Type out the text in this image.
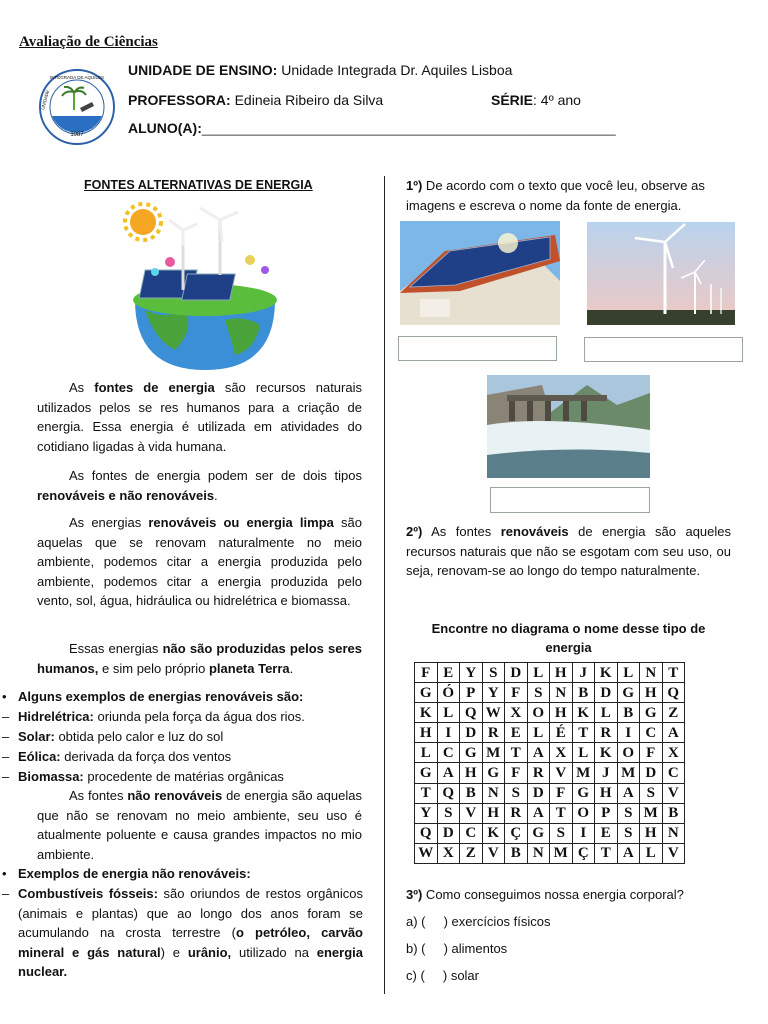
Avaliação de Ciências
1987
INTEGRADA DE AQUILES
UNIDADE
UNIDADE DE ENSINO: Unidade Integrada Dr. Aquiles Lisboa
PROFESSORA: Edineia Ribeiro da Silva	SÉRIE: 4º ano
ALUNO(A):______________________________________________________________
FONTES ALTERNATIVAS DE ENERGIA
As fontes de energia são recursos naturais utilizados pelos se res humanos para a criação de energia. Essa energia é utilizada em atividades do cotidiano ligadas à vida humana.
As fontes de energia podem ser de dois tipos renováveis e não renováveis.
As energias renováveis ou energia limpa são aquelas que se renovam naturalmente no meio ambiente, podemos citar a energia produzida pelo ambiente, podemos citar a energia produzida pelo vento, sol, água, hidráulica ou hidrelétrica e biomassa.
Essas energias não são produzidas pelos seres humanos, e sim pelo próprio planeta Terra.
• Alguns exemplos de energias renováveis são:
– Hidrelétrica: oriunda pela força da água dos rios.
– Solar: obtida pelo calor e luz do sol
– Eólica: derivada da força dos ventos
– Biomassa: procedente de matérias orgânicas
As fontes não renováveis de energia são aquelas que não se renovam no meio ambiente, seu uso é atualmente poluente e causa grandes impactos no mio ambiente.
• Exemplos de energia não renováveis:
– Combustíveis fósseis: são oriundos de restos orgânicos (animais e plantas) que ao longo dos anos foram se acumulando na crosta terrestre (o petróleo, carvão mineral e gás natural) e urânio, utilizado na energia nuclear.
1º) De acordo com o texto que você leu, observe as imagens e escreva o nome da fonte de energia.
2º) As fontes renováveis de energia são aqueles recursos naturais que não se esgotam com seu uso, ou seja, renovam-se ao longo do tempo naturalmente.
Encontre no diagrama o nome desse tipo de
energia
F	E	Y	S	D	L	H	J	K	L	N	T
G	Ó	P	Y	F	S	N	B	D	G	H	Q
K	L	Q	W	X	O	H	K	L	B	G	Z
H	I	D	R	E	L	É	T	R	I	C	A
L	C	G	M	T	A	X	L	K	O	F	X
G	A	H	G	F	R	V	M	J	M	D	C
T	Q	B	N	S	D	F	G	H	A	S	V
Y	S	V	H	R	A	T	O	P	S	M	B
Q	D	C	K	Ç	G	S	I	E	S	H	N
W	X	Z	V	B	N	M	Ç	T	A	L	V
3º) Como conseguimos nossa energia corporal?
a) ( ) exercícios físicos
b) ( ) alimentos
c) ( ) solar
